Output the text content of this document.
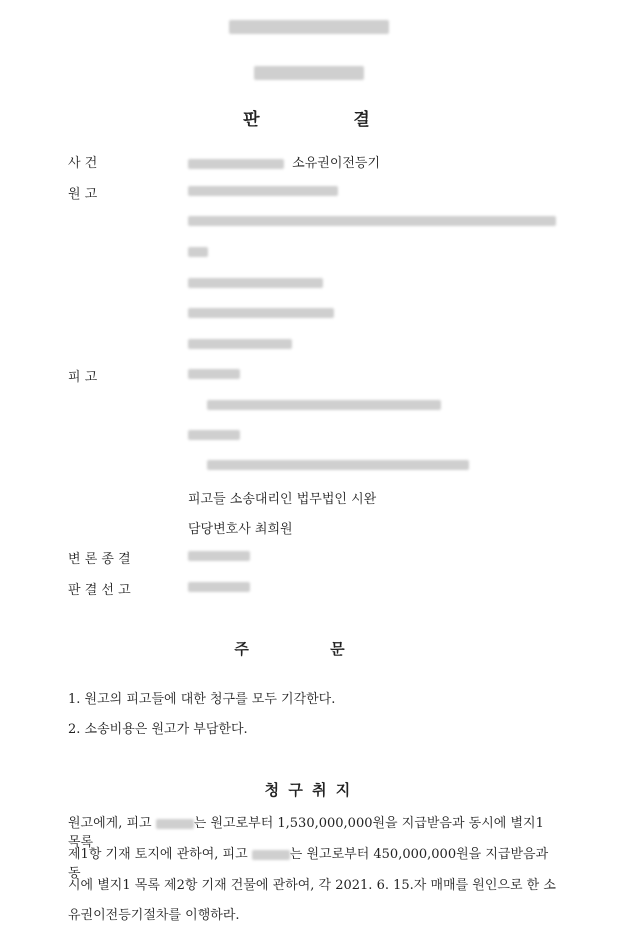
판	결
사 건	소유권이전등기
원 고
피 고
피고들 소송대리인 법무법인 시완
담당변호사 최희원
변 론 종 결
판 결 선 고
주 문
1. 원고의 피고들에 대한 청구를 모두 기각한다.
2. 소송비용은 원고가 부담한다.
청 구 취 지
원고에게, 피고	는 원고로부터 1,530,000,000원을 지급받음과 동시에 별지1 목록
제1항 기재 토지에 관하여, 피고	는 원고로부터 450,000,000원을 지급받음과 동
시에 별지1 목록 제2항 기재 건물에 관하여, 각 2021. 6. 15.자 매매를 원인으로 한 소
유권이전등기절차를 이행하라.
